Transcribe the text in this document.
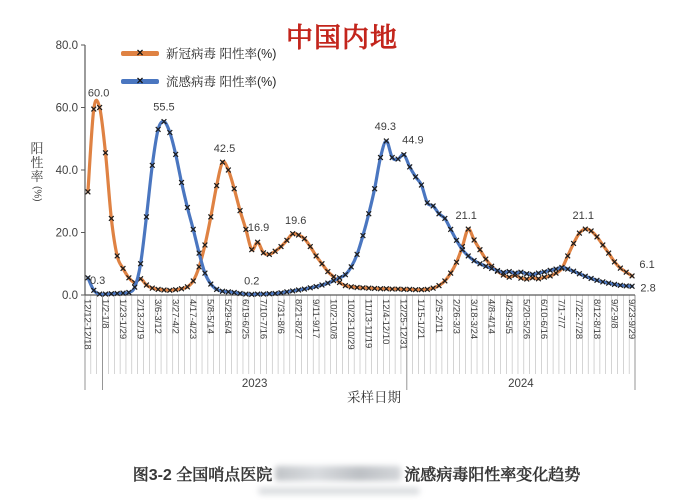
12/12-12/18 1/2-1/8 1/23-1/29 2/13-2/19 3/6-3/12 3/27-4/2 4/17-4/23 5/8-5/14 5/29-6/4 6/19-6/25 7/10-7/16 7/31-8/6 8/21-8/27 9/11-9/17 10/2-10/8 10/23-10/29 11/13-11/19 12/4-12/10 12/25-12/31 1/15-1/21 2/5-2/11 2/26-3/3 3/18-3/24 4/8-4/14 4/29-5/5 5/20-5/26 6/10-6/16 7/1-7/7 7/22-7/28 8/12-8/18 9/2-9/8 9/23-9/29
2023	2024
采样日期
0.0
20.0
40.0
60.0
80.0
60.0
0.3
55.5
42.5
16.9
0.2
19.6
49.3
44.9
21.1	21.1
6.1
2.8
中国内地
× 新冠病毒 阳性率(%)
× 流感病毒 阳性率(%)
阳性率
(%)
图3-2 全国哨点医院	流感病毒阳性率变化趋势
